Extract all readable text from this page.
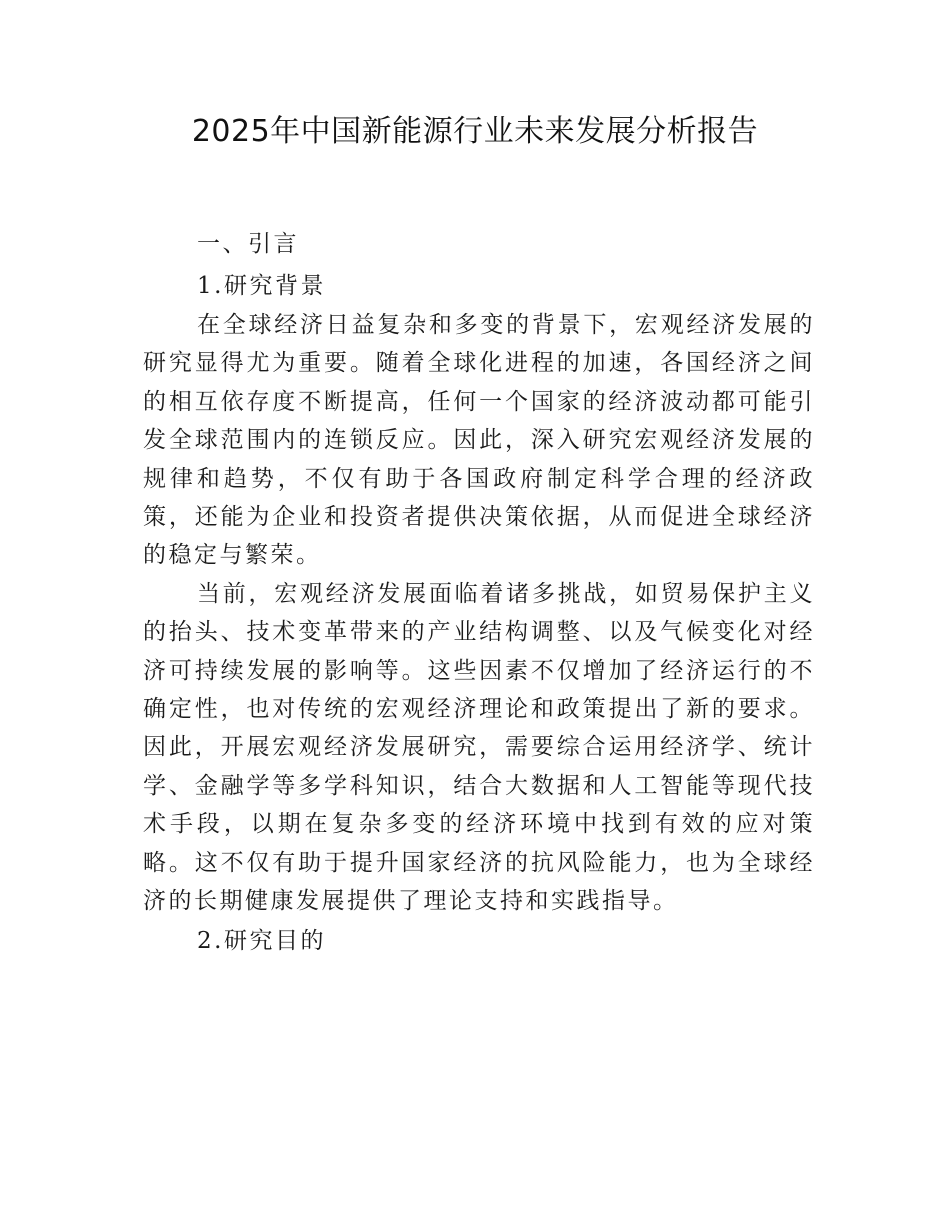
2025年中国新能源行业未来发展分析报告
一、引言
1.研究背景

在全球经济日益复杂和多变的背景下，宏观经济发展的研究显得尤为重要。随着全球化进程的加速，各国经济之间的相互依存度不断提高，任何一个国家的经济波动都可能引发全球范围内的连锁反应。因此，深入研究宏观经济发展的规律和趋势，不仅有助于各国政府制定科学合理的经济政策，还能为企业和投资者提供决策依据，从而促进全球经济的稳定与繁荣。

当前，宏观经济发展面临着诸多挑战，如贸易保护主义的抬头、技术变革带来的产业结构调整、以及气候变化对经济可持续发展的影响等。这些因素不仅增加了经济运行的不确定性，也对传统的宏观经济理论和政策提出了新的要求。因此，开展宏观经济发展研究，需要综合运用经济学、统计学、金融学等多学科知识，结合大数据和人工智能等现代技术手段，以期在复杂多变的经济环境中找到有效的应对策略。这不仅有助于提升国家经济的抗风险能力，也为全球经济的长期健康发展提供了理论支持和实践指导。

2.研究目的
